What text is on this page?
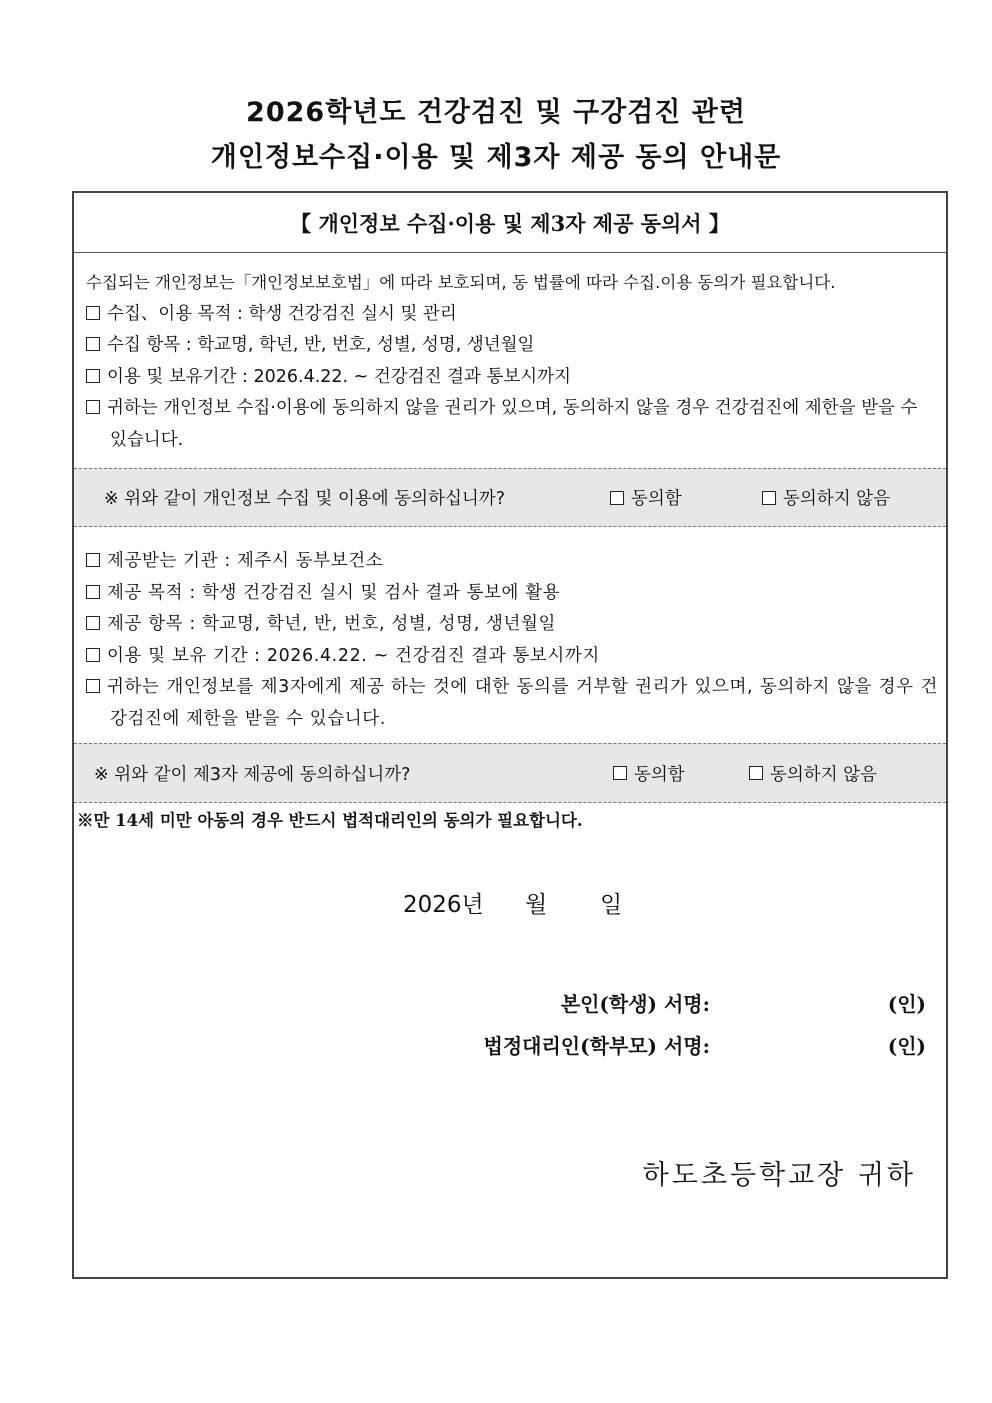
2026학년도 건강검진 및 구강검진 관련
개인정보수집·이용 및 제3자 제공 동의 안내문
【 개인정보 수집·이용 및 제3자 제공 동의서 】
수집되는 개인정보는「개인정보보호법」에 따라 보호되며, 동 법률에 따라 수집.이용 동의가 필요합니다.
수집、이용 목적 : 학생 건강검진 실시 및 관리
수집 항목 : 학교명, 학년, 반, 번호, 성별, 성명, 생년월일
이용 및 보유기간 : 2026.4.22. ~ 건강검진 결과 통보시까지
귀하는 개인정보 수집·이용에 동의하지 않을 권리가 있으며, 동의하지 않을 경우 건강검진에 제한을 받을 수 있습니다.
※ 위와 같이 개인정보 수집 및 이용에 동의하십니까?	동의함	동의하지 않음
제공받는 기관 : 제주시 동부보건소
제공 목적 : 학생 건강검진 실시 및 검사 결과 통보에 활용
제공 항목 : 학교명, 학년, 반, 번호, 성별, 성명, 생년월일
이용 및 보유 기간 : 2026.4.22. ~ 건강검진 결과 통보시까지
귀하는 개인정보를 제3자에게 제공 하는 것에 대한 동의를 거부할 권리가 있으며, 동의하지 않을 경우 건강검진에 제한을 받을 수 있습니다.
※ 위와 같이 제3자 제공에 동의하십니까?	동의함	동의하지 않음
※만 14세 미만 아동의 경우 반드시 법적대리인의 동의가 필요합니다.
2026년 월 일
본인(학생) 서명:	(인)
법정대리인(학부모) 서명:	(인)
하도초등학교장 귀하
